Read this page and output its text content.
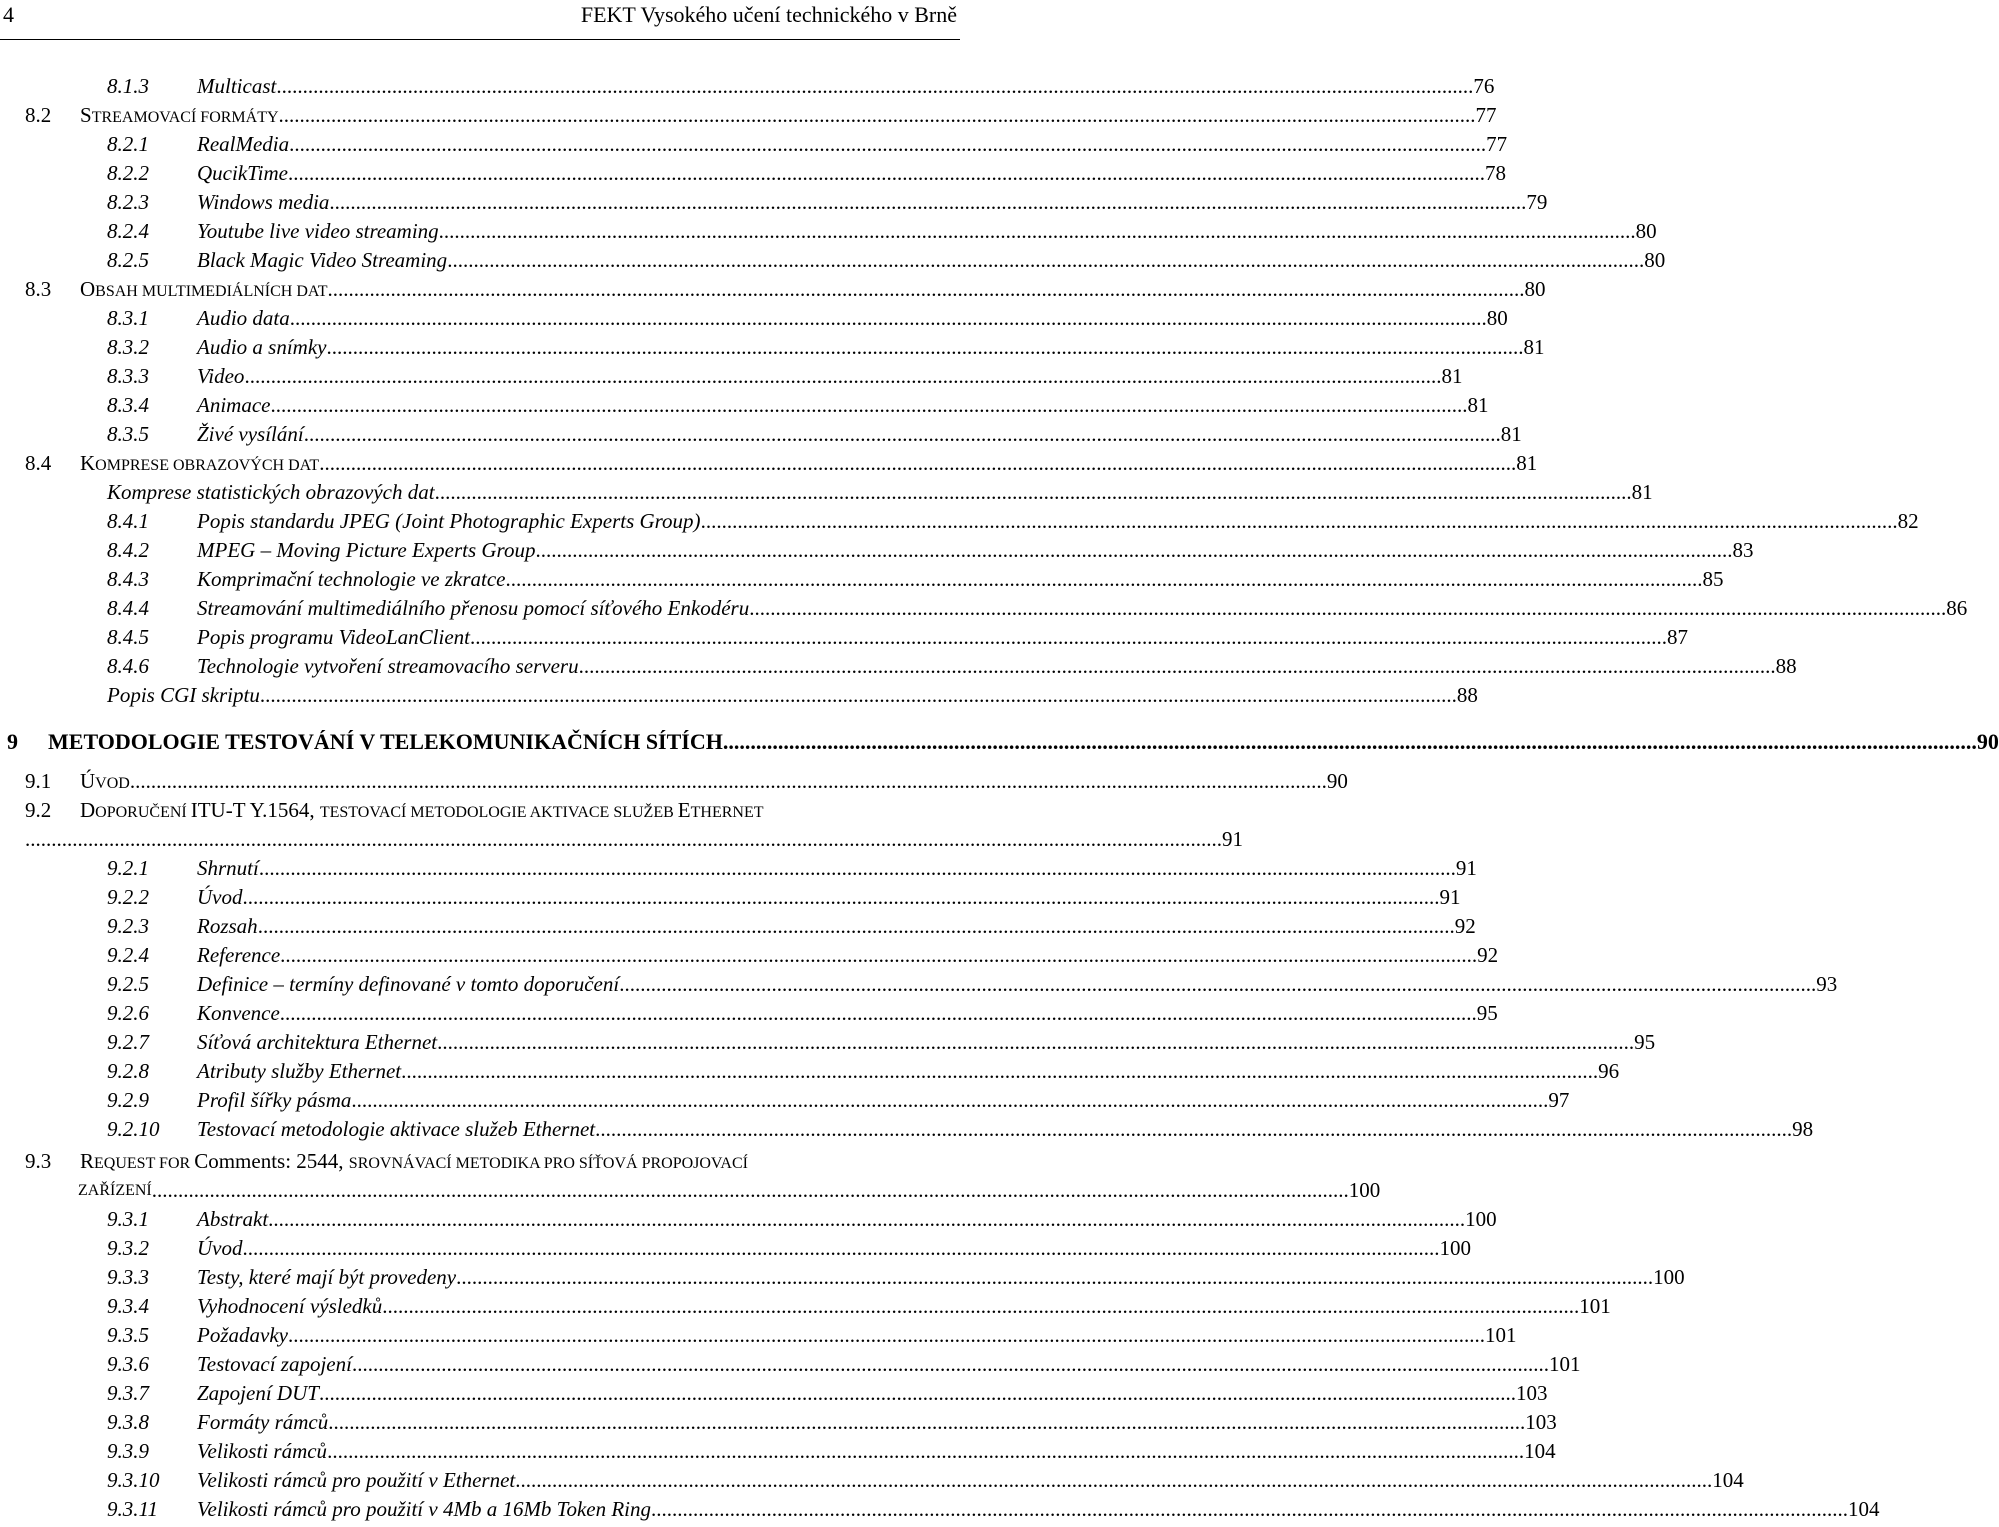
4	FEKT Vysokého učení technického v Brně
8.1.3	Multicast .................................................................................................................................................................................................................................... 76
8.2	STREAMOVACÍ FORMÁTY .................................................................................................................................................................................................................................... 77
8.2.1	RealMedia .................................................................................................................................................................................................................................... 77
8.2.2	QucikTime .................................................................................................................................................................................................................................... 78
8.2.3	Windows media .................................................................................................................................................................................................................................... 79
8.2.4	Youtube live video streaming .................................................................................................................................................................................................................................... 80
8.2.5	Black Magic Video Streaming .................................................................................................................................................................................................................................... 80
8.3	OBSAH MULTIMEDIÁLNÍCH DAT .................................................................................................................................................................................................................................... 80
8.3.1	Audio data .................................................................................................................................................................................................................................... 80
8.3.2	Audio a snímky .................................................................................................................................................................................................................................... 81
8.3.3	Video .................................................................................................................................................................................................................................... 81
8.3.4	Animace .................................................................................................................................................................................................................................... 81
8.3.5	Živé vysílání .................................................................................................................................................................................................................................... 81
8.4	KOMPRESE OBRAZOVÝCH DAT .................................................................................................................................................................................................................................... 81
Komprese statistických obrazových dat .................................................................................................................................................................................................................................... 81
8.4.1	Popis standardu JPEG (Joint Photographic Experts Group) .................................................................................................................................................................................................................................... 82
8.4.2	MPEG – Moving Picture Experts Group .................................................................................................................................................................................................................................... 83
8.4.3	Komprimační technologie ve zkratce .................................................................................................................................................................................................................................... 85
8.4.4	Streamování multimediálního přenosu pomocí síťového Enkodéru .................................................................................................................................................................................................................................... 86
8.4.5	Popis programu VideoLanClient .................................................................................................................................................................................................................................... 87
8.4.6	Technologie vytvoření streamovacího serveru .................................................................................................................................................................................................................................... 88
Popis CGI skriptu .................................................................................................................................................................................................................................... 88
9	METODOLOGIE TESTOVÁNÍ V TELEKOMUNIKAČNÍCH SÍTÍCH .................................................................................................................................................................................................................................... 90
9.1	ÚVOD .................................................................................................................................................................................................................................... 90
9.2	DOPORUČENÍ ITU-T Y.1564, TESTOVACÍ METODOLOGIE AKTIVACE SLUŽEB ETHERNET
.................................................................................................................................................................................................................................... 91
9.2.1	Shrnutí .................................................................................................................................................................................................................................... 91
9.2.2	Úvod .................................................................................................................................................................................................................................... 91
9.2.3	Rozsah .................................................................................................................................................................................................................................... 92
9.2.4	Reference .................................................................................................................................................................................................................................... 92
9.2.5	Definice – termíny definované v tomto doporučení .................................................................................................................................................................................................................................... 93
9.2.6	Konvence .................................................................................................................................................................................................................................... 95
9.2.7	Síťová architektura Ethernet .................................................................................................................................................................................................................................... 95
9.2.8	Atributy služby Ethernet .................................................................................................................................................................................................................................... 96
9.2.9	Profil šířky pásma .................................................................................................................................................................................................................................... 97
9.2.10	Testovací metodologie aktivace služeb Ethernet .................................................................................................................................................................................................................................... 98
9.3	REQUEST FOR Comments: 2544, SROVNÁVACÍ METODIKA PRO SÍŤOVÁ PROPOJOVACÍ
ZAŘÍZENÍ .................................................................................................................................................................................................................................... 100
9.3.1	Abstrakt .................................................................................................................................................................................................................................... 100
9.3.2	Úvod .................................................................................................................................................................................................................................... 100
9.3.3	Testy, které mají být provedeny .................................................................................................................................................................................................................................... 100
9.3.4	Vyhodnocení výsledků .................................................................................................................................................................................................................................... 101
9.3.5	Požadavky .................................................................................................................................................................................................................................... 101
9.3.6	Testovací zapojení .................................................................................................................................................................................................................................... 101
9.3.7	Zapojení DUT .................................................................................................................................................................................................................................... 103
9.3.8	Formáty rámců .................................................................................................................................................................................................................................... 103
9.3.9	Velikosti rámců .................................................................................................................................................................................................................................... 104
9.3.10	Velikosti rámců pro použití v Ethernet .................................................................................................................................................................................................................................... 104
9.3.11	Velikosti rámců pro použití v 4Mb a 16Mb Token Ring .................................................................................................................................................................................................................................... 104
